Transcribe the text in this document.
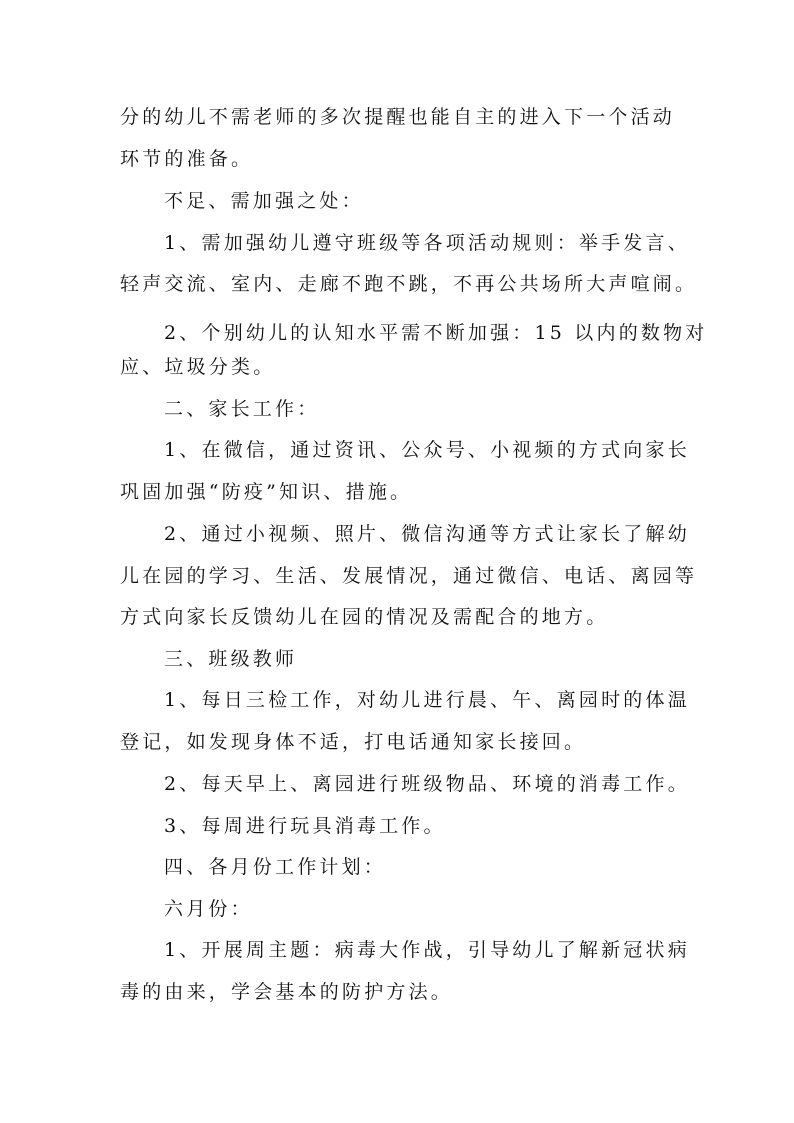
分的幼儿不需老师的多次提醒也能自主的进入下一个活动
环节的准备。
不足、需加强之处：
1、需加强幼儿遵守班级等各项活动规则：举手发言、
轻声交流、室内、走廊不跑不跳，不再公共场所大声喧闹。
2、个别幼儿的认知水平需不断加强：15 以内的数物对
应、垃圾分类。
二、家长工作：
1、在微信，通过资讯、公众号、小视频的方式向家长
巩固加强“防疫”知识、措施。
2、通过小视频、照片、微信沟通等方式让家长了解幼
儿在园的学习、生活、发展情况，通过微信、电话、离园等
方式向家长反馈幼儿在园的情况及需配合的地方。
三、班级教师
1、每日三检工作，对幼儿进行晨、午、离园时的体温
登记，如发现身体不适，打电话通知家长接回。
2、每天早上、离园进行班级物品、环境的消毒工作。
3、每周进行玩具消毒工作。
四、各月份工作计划：
六月份：
1、开展周主题：病毒大作战，引导幼儿了解新冠状病
毒的由来，学会基本的防护方法。
